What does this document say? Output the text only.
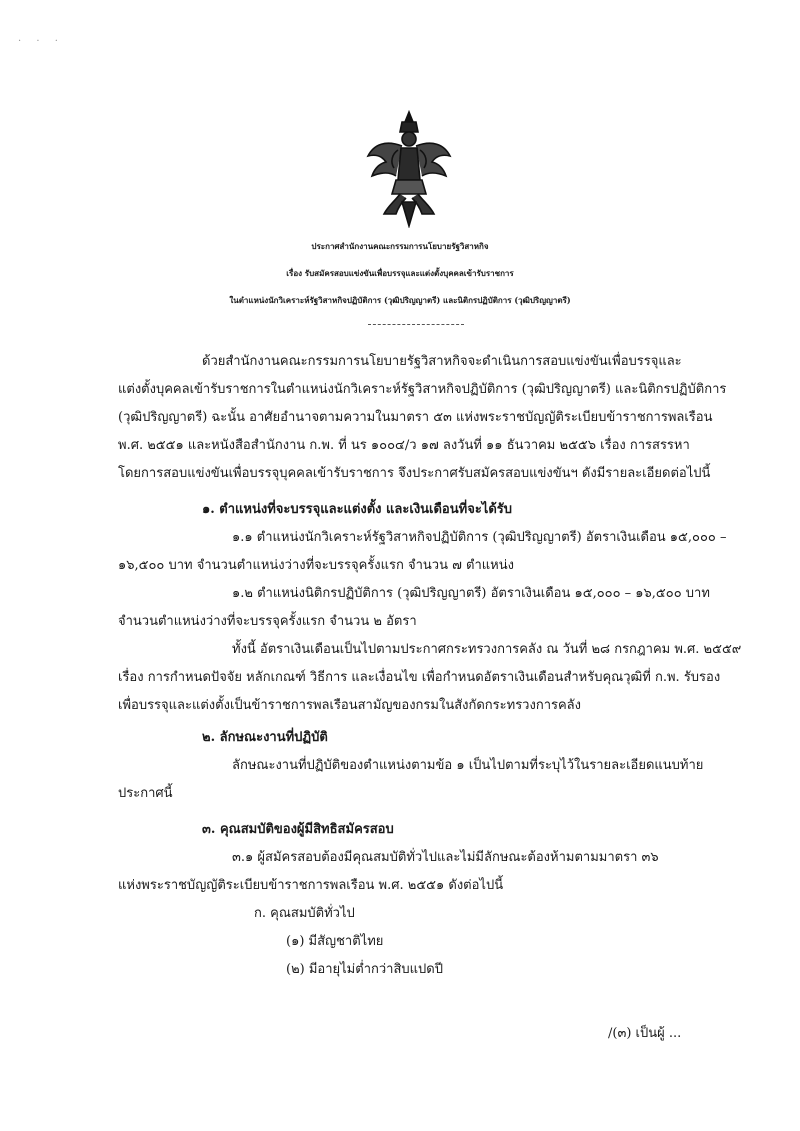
· · ·
ประกาศสำนักงานคณะกรรมการนโยบายรัฐวิสาหกิจ
เรื่อง รับสมัครสอบแข่งขันเพื่อบรรจุและแต่งตั้งบุคคลเข้ารับราชการ
ในตำแหน่งนักวิเคราะห์รัฐวิสาหกิจปฏิบัติการ (วุฒิปริญญาตรี) และนิติกรปฏิบัติการ (วุฒิปริญญาตรี)
ด้วยสำนักงานคณะกรรมการนโยบายรัฐวิสาหกิจจะดำเนินการสอบแข่งขันเพื่อบรรจุและ
แต่งตั้งบุคคลเข้ารับราชการในตำแหน่งนักวิเคราะห์รัฐวิสาหกิจปฏิบัติการ (วุฒิปริญญาตรี) และนิติกรปฏิบัติการ
(วุฒิปริญญาตรี) ฉะนั้น อาศัยอำนาจตามความในมาตรา ๕๓ แห่งพระราชบัญญัติระเบียบข้าราชการพลเรือน
พ.ศ. ๒๕๕๑ และหนังสือสำนักงาน ก.พ. ที่ นร ๑๐๐๔/ว ๑๗ ลงวันที่ ๑๑ ธันวาคม ๒๕๕๖ เรื่อง การสรรหา
โดยการสอบแข่งขันเพื่อบรรจุบุคคลเข้ารับราชการ จึงประกาศรับสมัครสอบแข่งขันฯ ดังมีรายละเอียดต่อไปนี้
๑. ตำแหน่งที่จะบรรจุและแต่งตั้ง และเงินเดือนที่จะได้รับ
๑.๑ ตำแหน่งนักวิเคราะห์รัฐวิสาหกิจปฏิบัติการ (วุฒิปริญญาตรี) อัตราเงินเดือน ๑๕,๐๐๐ –
๑๖,๕๐๐ บาท จำนวนตำแหน่งว่างที่จะบรรจุครั้งแรก จำนวน ๗ ตำแหน่ง
๑.๒ ตำแหน่งนิติกรปฏิบัติการ (วุฒิปริญญาตรี) อัตราเงินเดือน ๑๕,๐๐๐ – ๑๖,๕๐๐ บาท
จำนวนตำแหน่งว่างที่จะบรรจุครั้งแรก จำนวน ๒ อัตรา
ทั้งนี้ อัตราเงินเดือนเป็นไปตามประกาศกระทรวงการคลัง ณ วันที่ ๒๘ กรกฎาคม พ.ศ. ๒๕๕๙
เรื่อง การกำหนดปัจจัย หลักเกณฑ์ วิธีการ และเงื่อนไข เพื่อกำหนดอัตราเงินเดือนสำหรับคุณวุฒิที่ ก.พ. รับรอง
เพื่อบรรจุและแต่งตั้งเป็นข้าราชการพลเรือนสามัญของกรมในสังกัดกระทรวงการคลัง
๒. ลักษณะงานที่ปฏิบัติ
ลักษณะงานที่ปฏิบัติของตำแหน่งตามข้อ ๑ เป็นไปตามที่ระบุไว้ในรายละเอียดแนบท้าย
ประกาศนี้
๓. คุณสมบัติของผู้มีสิทธิสมัครสอบ
๓.๑ ผู้สมัครสอบต้องมีคุณสมบัติทั่วไปและไม่มีลักษณะต้องห้ามตามมาตรา ๓๖
แห่งพระราชบัญญัติระเบียบข้าราชการพลเรือน พ.ศ. ๒๕๕๑ ดังต่อไปนี้
ก. คุณสมบัติทั่วไป
(๑) มีสัญชาติไทย
(๒) มีอายุไม่ต่ำกว่าสิบแปดปี
/(๓) เป็นผู้ ...
